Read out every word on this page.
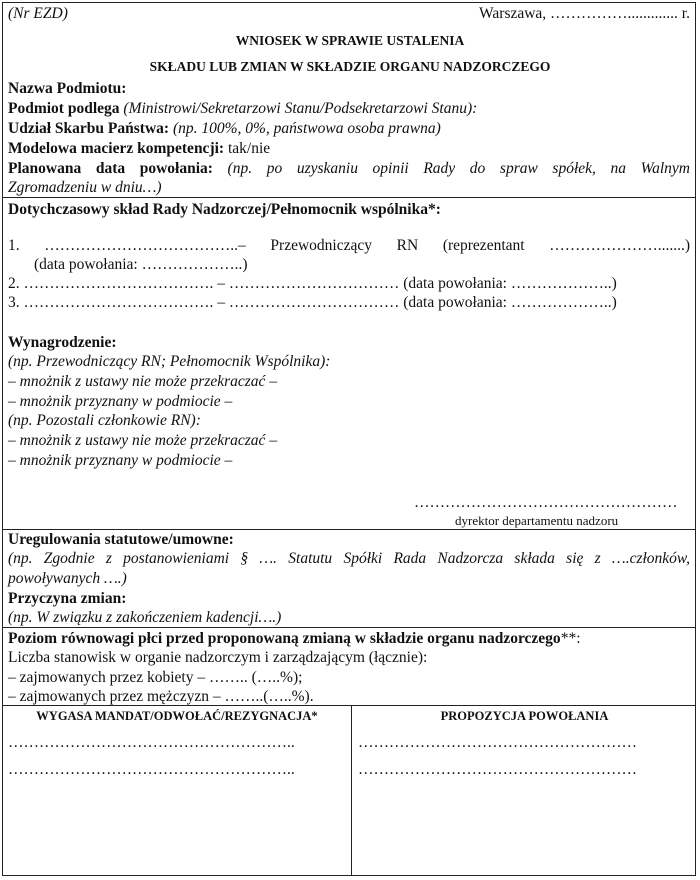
(Nr EZD)	Warszawa, ……………............. r.
WNIOSEK W SPRAWIE USTALENIA
SKŁADU LUB ZMIAN W SKŁADZIE ORGANU NADZORCZEGO
Nazwa Podmiotu:
Podmiot podlega (Ministrowi/Sekretarzowi Stanu/Podsekretarzowi Stanu):
Udział Skarbu Państwa: (np. 100%, 0%, państwowa osoba prawna)
Modelowa macierz kompetencji: tak/nie
Planowana data powołania: (np. po uzyskaniu opinii Rady do spraw spółek, na Walnym
Zgromadzeniu w dniu…)
Dotychczasowy skład Rady Nadzorczej/Pełnomocnik wspólnika*:
1. ………………………………..– Przewodniczący RN (reprezentant ………………….......)
(data powołania: ………………..)
2. ………………………………. – …………………………… (data powołania: ………………..)
3. ………………………………. – …………………………… (data powołania: ………………..)
Wynagrodzenie:
(np. Przewodniczący RN; Pełnomocnik Wspólnika):
– mnożnik z ustawy nie może przekraczać –
– mnożnik przyznany w podmiocie –
(np. Pozostali członkowie RN):
– mnożnik z ustawy nie może przekraczać –
– mnożnik przyznany w podmiocie –
……………………………………………
dyrektor departamentu nadzoru
Uregulowania statutowe/umowne:
(np. Zgodnie z postanowieniami § …. Statutu Spółki Rada Nadzorcza składa się z ….członków,
powoływanych ….)
Przyczyna zmian:
(np. W związku z zakończeniem kadencji….)
Poziom równowagi płci przed proponowaną zmianą w składzie organu nadzorczego**:
Liczba stanowisk w organie nadzorczym i zarządzającym (łącznie):
– zajmowanych przez kobiety – …….. (…..%);
– zajmowanych przez mężczyzn – ……..(…..%).
WYGASA MANDAT/ODWOŁAĆ/REZYGNACJA*	PROPOZYCJA POWOŁANIA
………………………………………………..
………………………………………………..
………………………………………………
………………………………………………
